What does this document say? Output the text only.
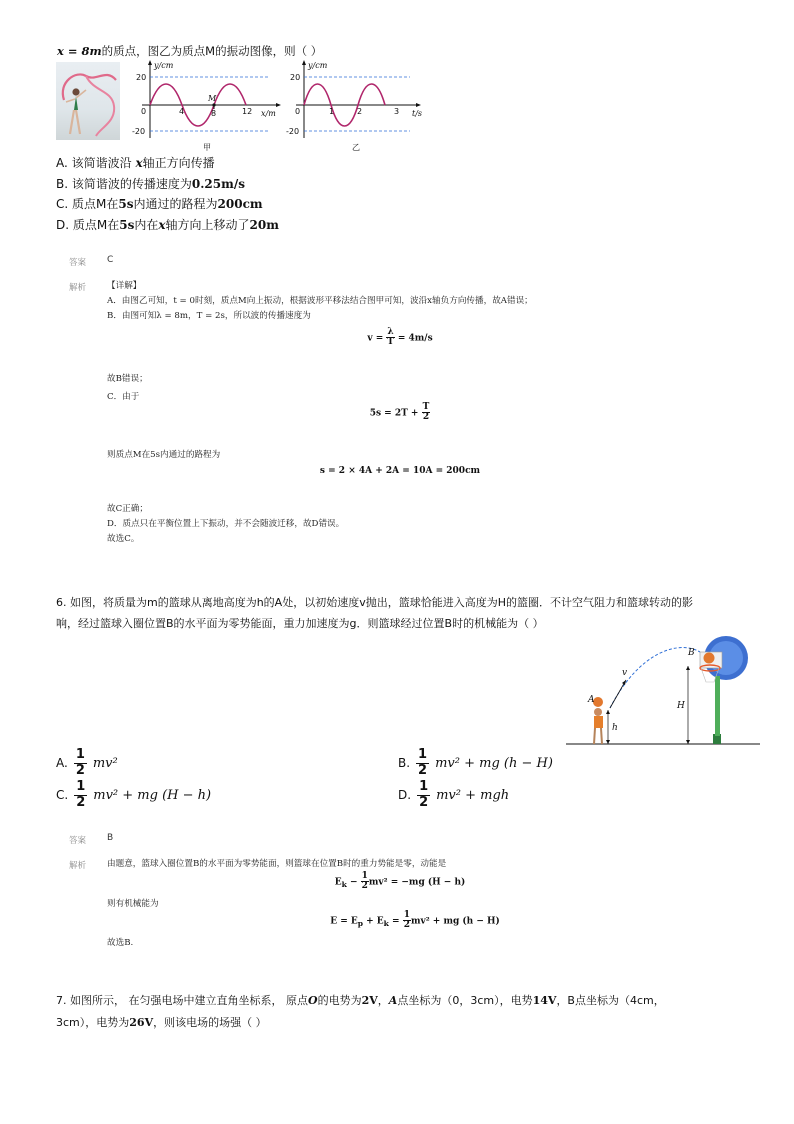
x = 8m的质点，图乙为质点M的振动图像，则（ ）
y/cm
x/m
M
20
-20
0	4	8	12
甲
y/cm
t/s
20
-20
0	1	2	3
乙
A. 该简谐波沿 x轴正方向传播
B. 该简谐波的传播速度为0.25m/s
C. 质点M在5s内通过的路程为200cm
D. 质点M在5s内在x轴方向上移动了20m
答案 C
解析 【详解】
A．由图乙可知，t = 0时刻，质点M向上振动，根据波形平移法结合图甲可知，波沿x轴负方向传播，故A错误；
B．由图可知λ = 8m，T = 2s，所以波的传播速度为
$v = \frac{\lambda}{T} = 4m/s$
故B错误；
C．由于
$5s = 2T + \frac{T}{2}$
则质点M在5s内通过的路程为
s = 2 × 4A + 2A = 10A = 200cm
故C正确；
D．质点只在平衡位置上下振动，并不会随波迁移，故D错误。
故选C。
6. 如图，将质量为m的篮球从离地高度为h的A处，以初始速度v抛出，篮球恰能进入高度为H的篮圈．不计空气阻力和篮球转动的影
响，经过篮球入圈位置B的水平面为零势能面，重力加速度为g．则篮球经过位置B时的机械能为（ ）
A
B
v
h
H
A. $\frac{1}{2} mv^2$	B. $\frac{1}{2} mv^2$ + mg (h − H)
C. $\frac{1}{2} mv^2$ + mg (H − h)	D. $\frac{1}{2} mv^2$ + mgh
答案 B
解析 由题意，篮球入圈位置B的水平面为零势能面，则篮球在位置B时的重力势能是零，动能是
$E_k - \frac{1}{2} mv^2 = -mg$ (H − h)
则有机械能为
$E = E_p + E_k = \frac{1}{2} mv^2$ + mg (h − H)
故选B.
7. 如图所示， 在匀强电场中建立直角坐标系， 原点O的电势为2V，A点坐标为（0，3cm），电势14V，B点坐标为（4cm，
3cm），电势为26V，则该电场的场强（ ）
